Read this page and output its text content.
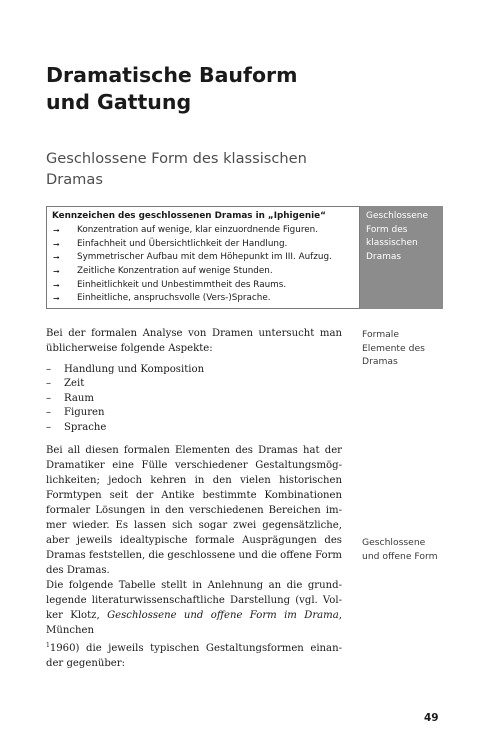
Dramatische Bauform
und Gattung
Geschlossene Form des klassischen
Dramas
Kennzeichen des geschlossenen Dramas in „Iphigenie“
➞ Konzentration auf wenige, klar einzuordnende Figuren.
➞ Einfachheit und Übersichtlichkeit der Handlung.
➞ Symmetrischer Aufbau mit dem Höhepunkt im III. Aufzug.
➞ Zeitliche Konzentration auf wenige Stunden.
➞ Einheitlichkeit und Unbestimmtheit des Raums.
➞ Einheitliche, anspruchsvolle (Vers-)Sprache.
Geschlossene
Form des
klassischen
Dramas

Bei der formalen Analyse von Dramen untersucht man
üblicherweise folgende Aspekte:

– Handlung und Komposition
– Zeit
– Raum
– Figuren
– Sprache

Bei all diesen formalen Elementen des Dramas hat der
Dramatiker eine Fülle verschiedener Gestaltungsmög-
lichkeiten; jedoch kehren in den vielen historischen
Formtypen seit der Antike bestimmte Kombinationen
formaler Lösungen in den verschiedenen Bereichen im-
mer wieder. Es lassen sich sogar zwei gegensätzliche,
aber jeweils idealtypische formale Ausprägungen des
Dramas feststellen, die geschlossene und die offene Form
des Dramas.

Die folgende Tabelle stellt in Anlehnung an die grund-
legende literaturwissenschaftliche Darstellung (vgl. Vol-
ker Klotz, Geschlossene und offene Form im Drama, München
$^1$1960) die jeweils typischen Gestaltungsformen einan-
der gegenüber:

Formale
Elemente des
Dramas
Geschlossene
und offene Form
49
